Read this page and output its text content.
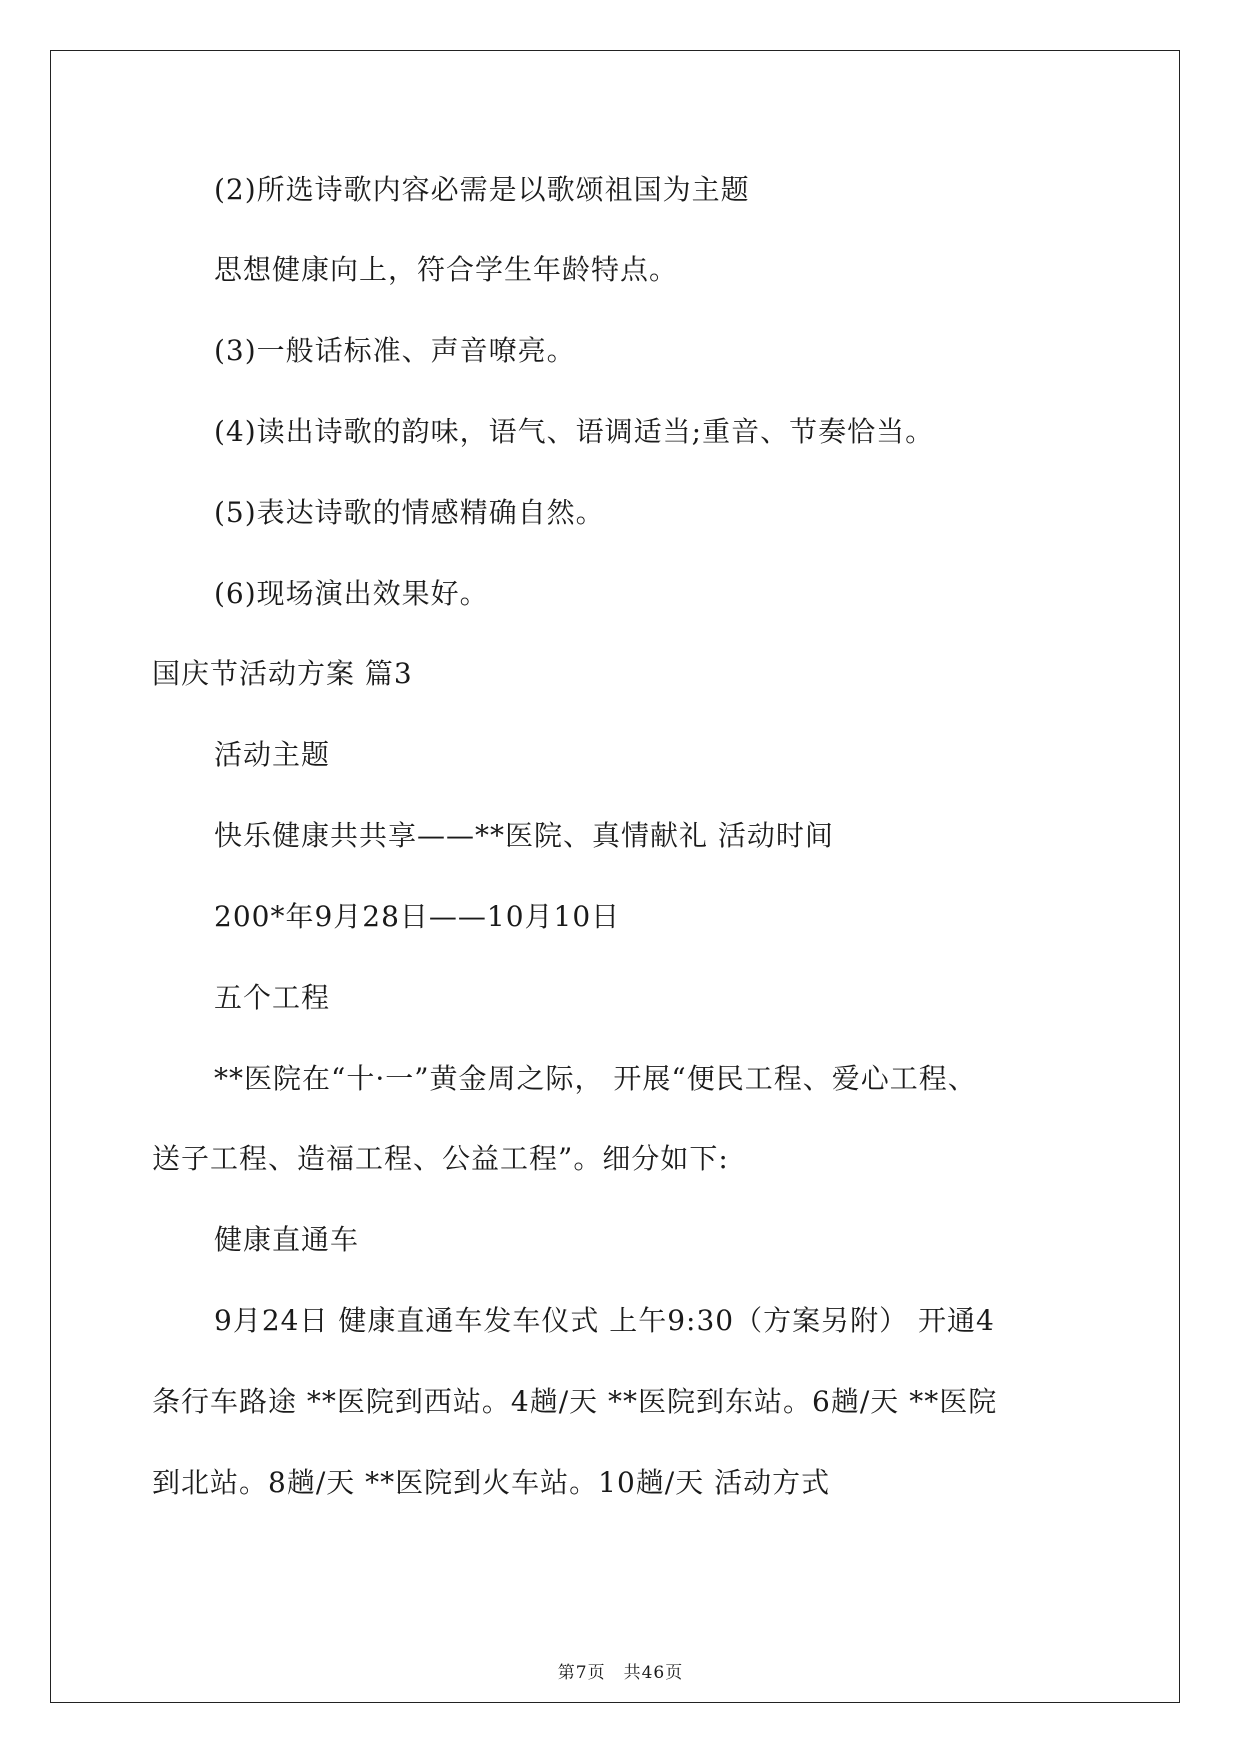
(2)所选诗歌内容必需是以歌颂祖国为主题
思想健康向上，符合学生年龄特点。
(3)一般话标准、声音嘹亮。
(4)读出诗歌的韵味，语气、语调适当;重音、节奏恰当。
(5)表达诗歌的情感精确自然。
(6)现场演出效果好。
国庆节活动方案 篇3
活动主题
快乐健康共共享——**医院、真情献礼 活动时间
200*年9月28日——10月10日
五个工程
**医院在“十·一”黄金周之际， 开展“便民工程、爱心工程、
送子工程、造福工程、公益工程”。细分如下:
健康直通车
9月24日 健康直通车发车仪式 上午9:30（方案另附） 开通4
条行车路途 **医院到西站。4趟/天 **医院到东站。6趟/天 **医院
到北站。8趟/天 **医院到火车站。10趟/天 活动方式
第7页　共46页
